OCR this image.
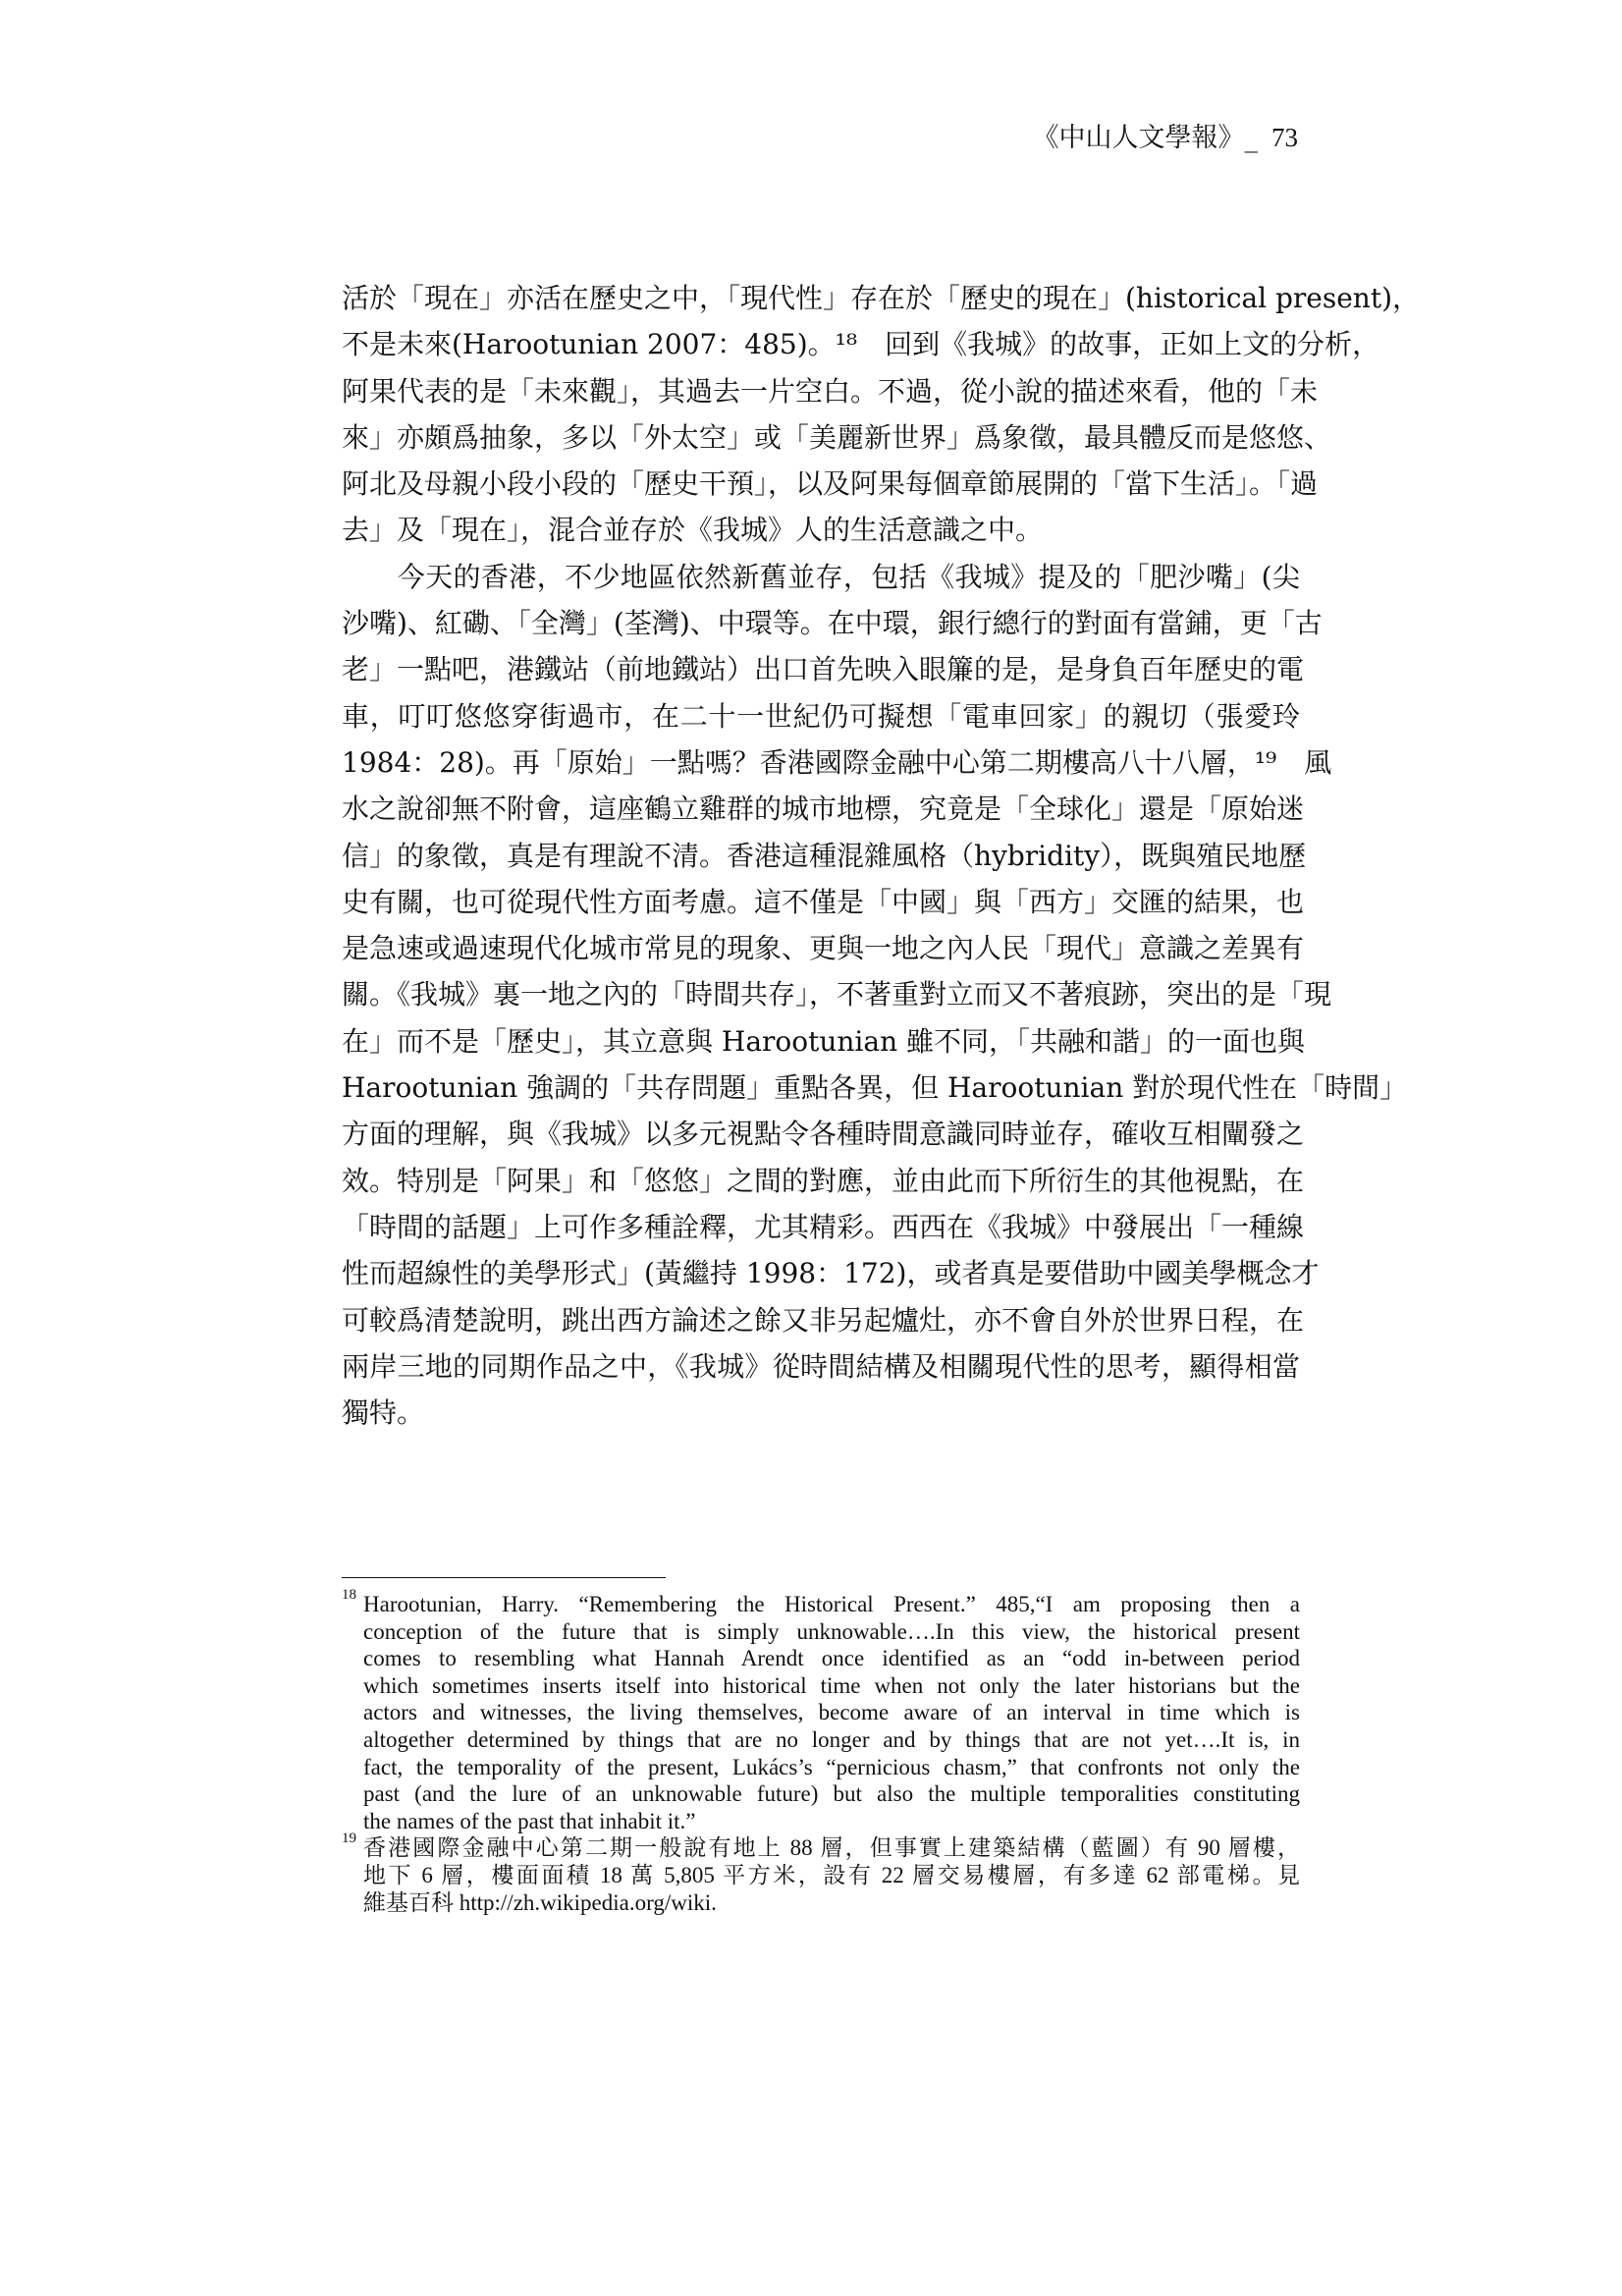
《中山人文學報》_ 73
活於「現在」亦活在歷史之中，「現代性」存在於「歷史的現在」(historical present)，
不是未來(Harootunian 2007：485)。¹⁸　回到《我城》的故事，正如上文的分析，
阿果代表的是「未來觀」，其過去一片空白。不過，從小說的描述來看，他的「未
來」亦頗爲抽象，多以「外太空」或「美麗新世界」爲象徵，最具體反而是悠悠、
阿北及母親小段小段的「歷史干預」，以及阿果每個章節展開的「當下生活」。「過
去」及「現在」，混合並存於《我城》人的生活意識之中。
　　今天的香港，不少地區依然新舊並存，包括《我城》提及的「肥沙嘴」(尖
沙嘴)、紅磡、「全灣」(荃灣)、中環等。在中環，銀行總行的對面有當鋪，更「古
老」一點吧，港鐵站（前地鐵站）出口首先映入眼簾的是，是身負百年歷史的電
車，叮叮悠悠穿街過市，在二十一世紀仍可擬想「電車回家」的親切（張愛玲
1984：28)。再「原始」一點嗎？香港國際金融中心第二期樓高八十八層，¹⁹　風
水之說卻無不附會，這座鶴立雞群的城市地標，究竟是「全球化」還是「原始迷
信」的象徵，真是有理說不清。香港這種混雜風格（hybridity），既與殖民地歷
史有關，也可從現代性方面考慮。這不僅是「中國」與「西方」交匯的結果，也
是急速或過速現代化城市常見的現象、更與一地之內人民「現代」意識之差異有
關。《我城》裏一地之內的「時間共存」，不著重對立而又不著痕跡，突出的是「現
在」而不是「歷史」，其立意與 Harootunian 雖不同，「共融和諧」的一面也與
Harootunian 強調的「共存問題」重點各異，但 Harootunian 對於現代性在「時間」
方面的理解，與《我城》以多元視點令各種時間意識同時並存，確收互相闡發之
效。特別是「阿果」和「悠悠」之間的對應，並由此而下所衍生的其他視點，在
「時間的話題」上可作多種詮釋，尤其精彩。西西在《我城》中發展出「一種線
性而超線性的美學形式」(黃繼持 1998：172)，或者真是要借助中國美學概念才
可較爲清楚說明，跳出西方論述之餘又非另起爐灶，亦不會自外於世界日程，在
兩岸三地的同期作品之中，《我城》從時間結構及相關現代性的思考，顯得相當
獨特。
18 Harootunian, Harry. “Remembering the Historical Present.” 485,“I am proposing then a
conception of the future that is simply unknowable….In this view, the historical present
comes to resembling what Hannah Arendt once identified as an “odd in-between period
which sometimes inserts itself into historical time when not only the later historians but the
actors and witnesses, the living themselves, become aware of an interval in time which is
altogether determined by things that are no longer and by things that are not yet….It is, in
fact, the temporality of the present, Lukács’s “pernicious chasm,” that confronts not only the
past (and the lure of an unknowable future) but also the multiple temporalities constituting
the names of the past that inhabit it.”
19 香港國際金融中心第二期一般說有地上 88 層，但事實上建築結構（藍圖）有 90 層樓，
地下 6 層，樓面面積 18 萬 5,805 平方米，設有 22 層交易樓層，有多達 62 部電梯。見
維基百科 http://zh.wikipedia.org/wiki.
